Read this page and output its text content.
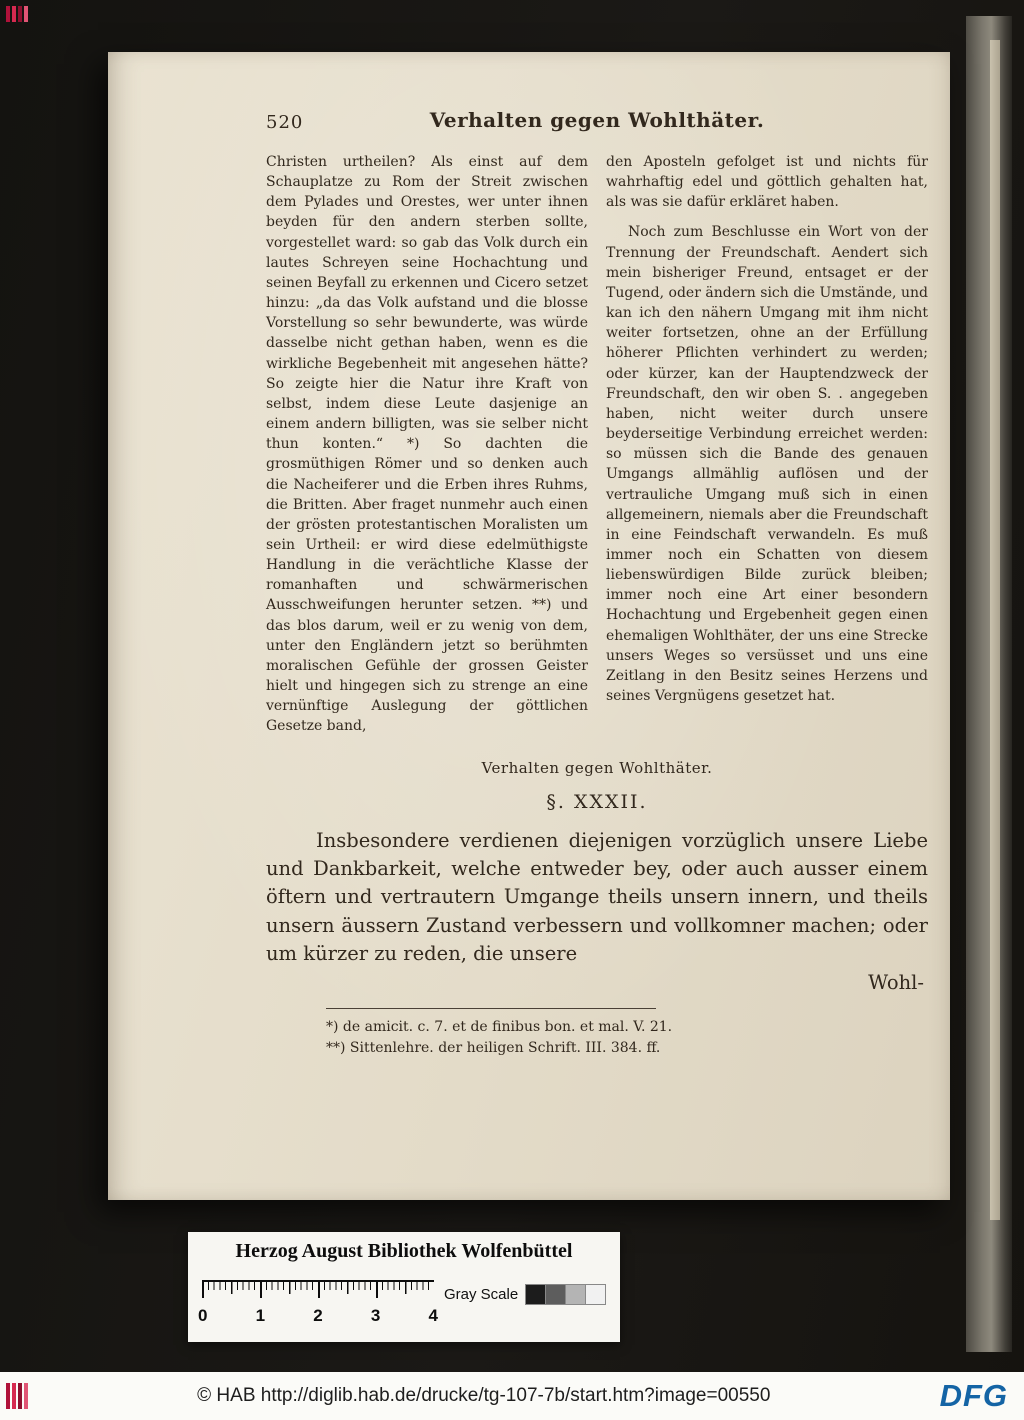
520	Verhalten gegen Wohlthäter.

Christen urtheilen? Als einst auf dem Schauplatze zu Rom der Streit zwischen dem Pylades und Orestes, wer unter ihnen beyden für den andern sterben sollte, vorgestellet ward: so gab das Volk durch ein lautes Schreyen seine Hochachtung und seinen Beyfall zu erkennen und Cicero setzet hinzu: „da das Volk aufstand und die blosse Vorstellung so sehr bewunderte, was würde dasselbe nicht gethan haben, wenn es die wirkliche Begebenheit mit angesehen hätte? So zeigte hier die Natur ihre Kraft von selbst, indem diese Leute dasjenige an einem andern billigten, was sie selber nicht thun konten.“ *) So dachten die grosmüthigen Römer und so denken auch die Nacheiferer und die Erben ihres Ruhms, die Britten. Aber fraget nunmehr auch einen der grösten protestantischen Moralisten um sein Urtheil: er wird diese edelmüthigste Handlung in die verächtliche Klasse der romanhaften und schwärmerischen Ausschweifungen herunter setzen. **) und das blos darum, weil er zu wenig von dem, unter den Engländern jetzt so berühmten moralischen Gefühle der grossen Geister hielt und hingegen sich zu strenge an eine vernünftige Auslegung der göttlichen Gesetze band,

den Aposteln gefolget ist und nichts für wahrhaftig edel und göttlich gehalten hat, als was sie dafür erkläret haben.

Noch zum Beschlusse ein Wort von der Trennung der Freundschaft. Aendert sich mein bisheriger Freund, entsaget er der Tugend, oder ändern sich die Umstände, und kan ich den nähern Umgang mit ihm nicht weiter fortsetzen, ohne an der Erfüllung höherer Pflichten verhindert zu werden; oder kürzer, kan der Hauptendzweck der Freundschaft, den wir oben S. . angegeben haben, nicht weiter durch unsere beyderseitige Verbindung erreichet werden: so müssen sich die Bande des genauen Umgangs allmählig auflösen und der vertrauliche Umgang muß sich in einen allgemeinern, niemals aber die Freundschaft in eine Feindschaft verwandeln. Es muß immer noch ein Schatten von diesem liebenswürdigen Bilde zurück bleiben; immer noch eine Art einer besondern Hochachtung und Ergebenheit gegen einen ehemaligen Wohlthäter, der uns eine Strecke unsers Weges so versüsset und uns eine Zeitlang in den Besitz seines Herzens und seines Vergnügens gesetzet hat.

Verhalten gegen Wohlthäter.
§. XXXII.
Insbesondere verdienen diejenigen vorzüglich unsere Liebe und Dankbarkeit, welche entweder bey, oder auch ausser einem öftern und vertrautern Umgange theils unsern innern, und theils unsern äussern Zustand verbessern und vollkomner machen; oder um kürzer zu reden, die unsere
Wohl-
*) de amicit. c. 7. et de finibus bon. et mal. V. 21.
**) Sittenlehre. der heiligen Schrift. III. 384. ff.
Herzog August Bibliothek Wolfenbüttel
0	1	2	3	4
Gray Scale
© HAB http://diglib.hab.de/drucke/tg-107-7b/start.htm?image=00550	DFG
